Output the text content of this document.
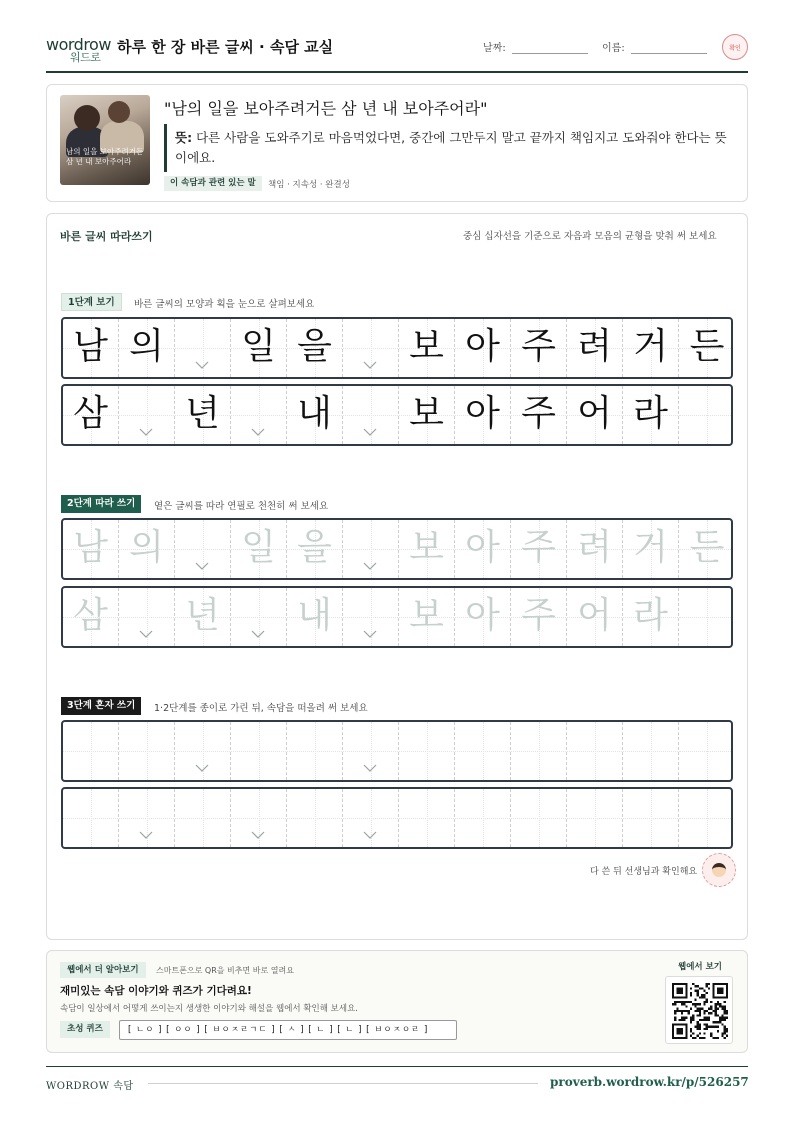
wordrow
워드로
하루 한 장 바른 글씨 · 속담 교실	날짜:	이름:	확인
남의 일을 보아주려거든
삼 년 내 보아주어라
"남의 일을 보아주려거든 삼 년 내 보아주어라"
뜻: 다른 사람을 도와주기로 마음먹었다면, 중간에 그만두지 말고 끝까지 책임지고 도와줘야 한다는 뜻이에요.
이 속담과 관련 있는 말	책임 · 지속성 · 완결성
바른 글씨 따라쓰기	중심 십자선을 기준으로 자음과 모음의 균형을 맞춰 써 보세요
1단계 보기	바른 글씨의 모양과 획을 눈으로 살펴보세요
남 의 일 을 보 아 주 려 거 든
삼 년 내 보 아 주 어 라
2단계 따라 쓰기	옅은 글씨를 따라 연필로 천천히 써 보세요
남 의 일 을 보 아 주 려 거 든
삼 년 내 보 아 주 어 라
3단계 혼자 쓰기	1·2단계를 종이로 가린 뒤, 속담을 떠올려 써 보세요
다 쓴 뒤 선생님과 확인해요
웹에서 더 알아보기	스마트폰으로 QR을 비추면 바로 열려요
재미있는 속담 이야기와 퀴즈가 기다려요!
속담이 일상에서 어떻게 쓰이는지 생생한 이야기와 해설을 웹에서 확인해 보세요.
초성 퀴즈	[ ㄴㅇ ] [ ㅇㅇ ] [ ㅂㅇㅈㄹㄱㄷ ] [ ㅅ ] [ ㄴ ] [ ㄴ ] [ ㅂㅇㅈㅇㄹ ]
웹에서 보기
WORDROW 속담	proverb.wordrow.kr/p/526257
